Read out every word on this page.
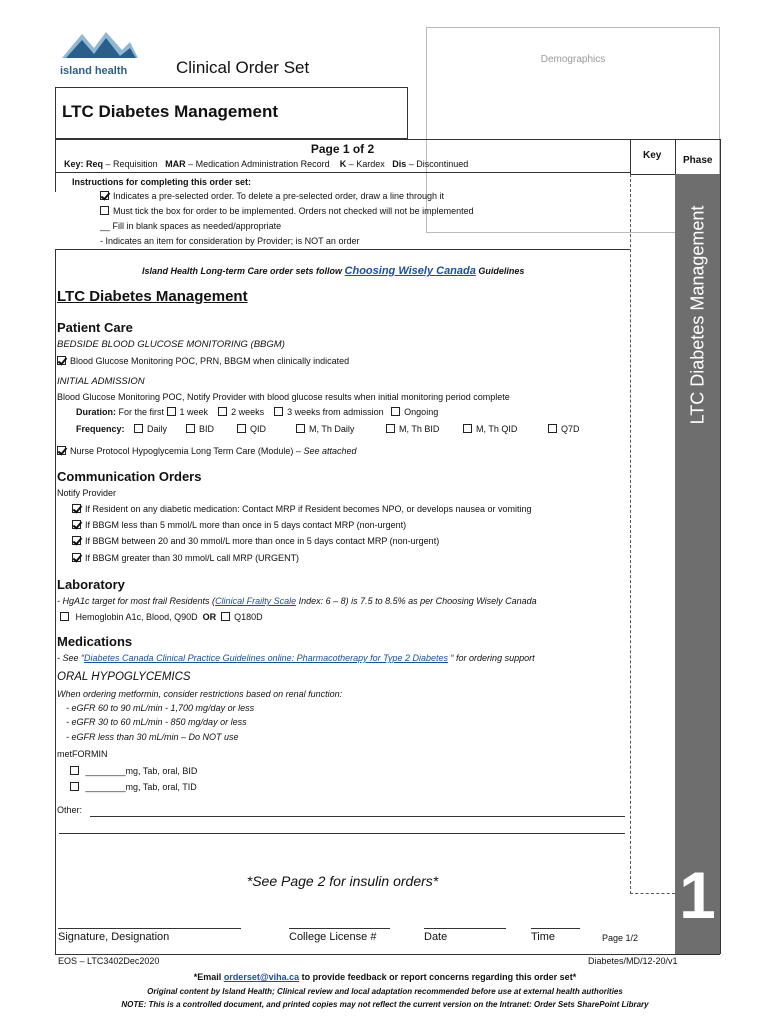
island health	Clinical Order Set	Demographics
LTC Diabetes Management
Page 1 of 2	Key Phase
1
LTC Diabetes Management
Key: Req – Requisition MAR – Medication Administration Record K – Kardex Dis – Discontinued
Instructions for completing this order set:
Indicates a pre-selected order. To delete a pre-selected order, draw a line through it
Must tick the box for order to be implemented. Orders not checked will not be implemented
__ Fill in blank spaces as needed/appropriate
- Indicates an item for consideration by Provider; is NOT an order
Island Health Long-term Care order sets follow Choosing Wisely Canada Guidelines
LTC Diabetes Management
Patient Care
BEDSIDE BLOOD GLUCOSE MONITORING (BBGM)
Blood Glucose Monitoring POC, PRN, BBGM when clinically indicated
INITIAL ADMISSION
Blood Glucose Monitoring POC, Notify Provider with blood glucose results when initial monitoring period complete
Duration: For the first 1 week	2 weeks	3 weeks from admission Ongoing
Frequency:	Daily	BID	QID	M, Th Daily	M, Th BID	M, Th QID	Q7D
Nurse Protocol Hypoglycemia Long Term Care (Module) – See attached
Communication Orders
Notify Provider
If Resident on any diabetic medication: Contact MRP if Resident becomes NPO, or develops nausea or vomiting
If BBGM less than 5 mmol/L more than once in 5 days contact MRP (non-urgent)
If BBGM between 20 and 30 mmol/L more than once in 5 days contact MRP (non-urgent)
If BBGM greater than 30 mmol/L call MRP (URGENT)
Laboratory
- HgA1c target for most frail Residents (Clinical Frailty Scale Index: 6 – 8) is 7.5 to 8.5% as per Choosing Wisely Canada
Hemoglobin A1c, Blood, Q90D OR Q180D
Medications
- See “Diabetes Canada Clinical Practice Guidelines online: Pharmacotherapy for Type 2 Diabetes “ for ordering support
ORAL HYPOGLYCEMICS
When ordering metformin, consider restrictions based on renal function:
- eGFR 60 to 90 mL/min - 1,700 mg/day or less
- eGFR 30 to 60 mL/min - 850 mg/day or less
- eGFR less than 30 mL/min – Do NOT use
metFORMIN
________mg, Tab, oral, BID
________mg, Tab, oral, TID
Other:
*See Page 2 for insulin orders*
Signature, Designation	College License #	Date	Time	Page 1/2
EOS – LTC3402Dec2020	Diabetes/MD/12-20/v1
*Email orderset@viha.ca to provide feedback or report concerns regarding this order set*
Original content by Island Health; Clinical review and local adaptation recommended before use at external health authorities
NOTE: This is a controlled document, and printed copies may not reflect the current version on the Intranet: Order Sets SharePoint Library
